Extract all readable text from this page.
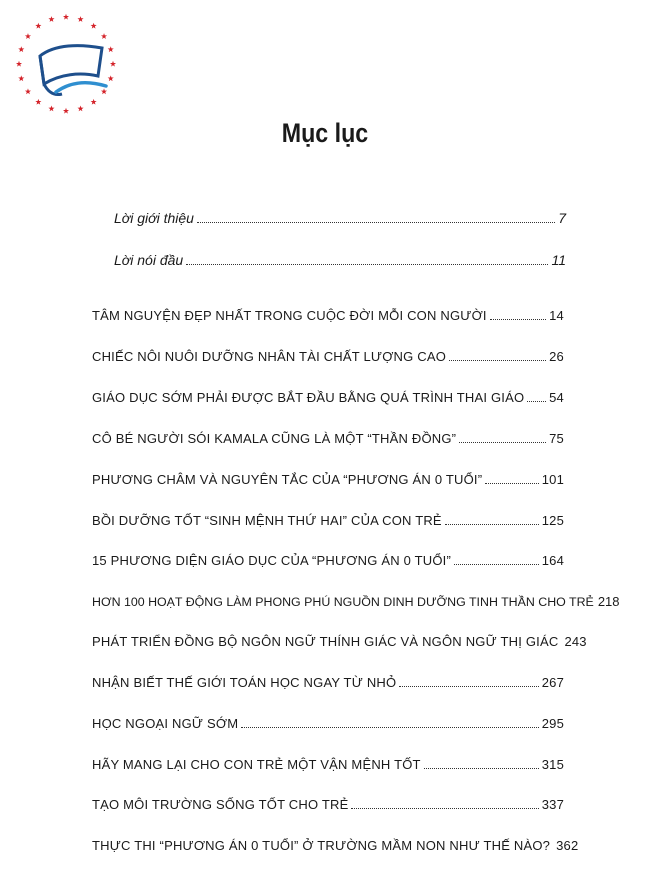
Mục lục
Lời giới thiệu	7
Lời nói đầu	11
TÂM NGUYỆN ĐẸP NHẤT TRONG CUỘC ĐỜI MỖI CON NGƯỜI	14
CHIẾC NÔI NUÔI DƯỠNG NHÂN TÀI CHẤT LƯỢNG CAO	26
GIÁO DỤC SỚM PHẢI ĐƯỢC BẮT ĐẦU BẰNG QUÁ TRÌNH THAI GIÁO 54
CÔ BÉ NGƯỜI SÓI KAMALA CŨNG LÀ MỘT “THẦN ĐỒNG”	75
PHƯƠNG CHÂM VÀ NGUYÊN TẮC CỦA “PHƯƠNG ÁN 0 TUỔI”	101
BỒI DƯỠNG TỐT “SINH MỆNH THỨ HAI” CỦA CON TRẺ	125
15 PHƯƠNG DIỆN GIÁO DỤC CỦA “PHƯƠNG ÁN 0 TUỔI”	164
HƠN 100 HOẠT ĐỘNG LÀM PHONG PHÚ NGUỒN DINH DƯỠNG TINH THẦN CHO TRẺ 218
PHÁT TRIỂN ĐỒNG BỘ NGÔN NGỮ THÍNH GIÁC VÀ NGÔN NGỮ THỊ GIÁC 243
NHẬN BIẾT THẾ GIỚI TOÁN HỌC NGAY TỪ NHỎ	267
HỌC NGOẠI NGỮ SỚM	295
HÃY MANG LẠI CHO CON TRẺ MỘT VẬN MỆNH TỐT	315
TẠO MÔI TRƯỜNG SỐNG TỐT CHO TRẺ	337
THỰC THI “PHƯƠNG ÁN 0 TUỔI” Ở TRƯỜNG MẦM NON NHƯ THẾ NÀO? 362
